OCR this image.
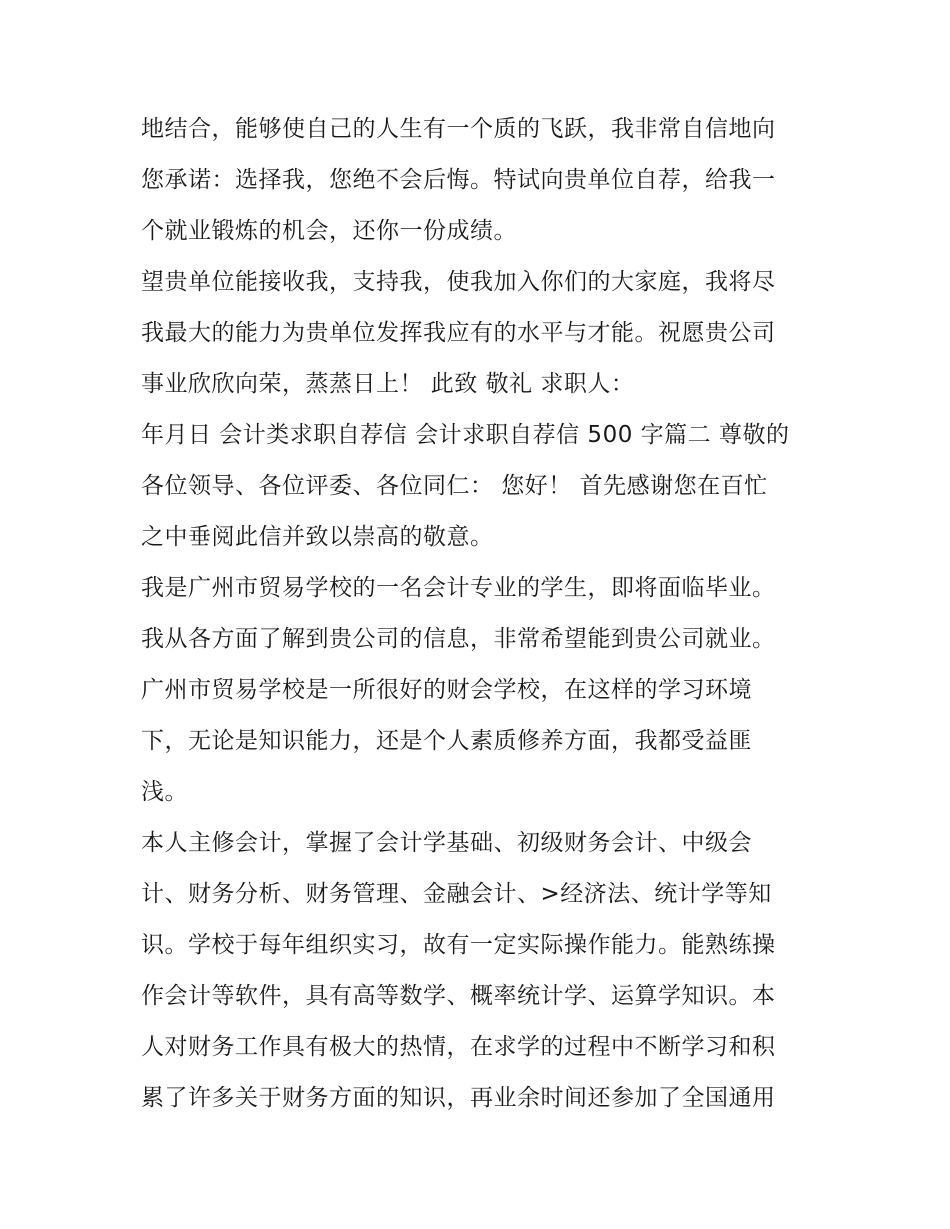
地结合，能够使自己的人生有一个质的飞跃，我非常自信地向
您承诺：选择我，您绝不会后悔。特试向贵单位自荐，给我一
个就业锻炼的机会，还你一份成绩。
望贵单位能接收我，支持我，使我加入你们的大家庭，我将尽
我最大的能力为贵单位发挥我应有的水平与才能。祝愿贵公司
事业欣欣向荣，蒸蒸日上！ 此致 敬礼 求职人：
年月日 会计类求职自荐信 会计求职自荐信 500 字篇二 尊敬的
各位领导、各位评委、各位同仁： 您好！ 首先感谢您在百忙
之中垂阅此信并致以崇高的敬意。
我是广州市贸易学校的一名会计专业的学生，即将面临毕业。
我从各方面了解到贵公司的信息，非常希望能到贵公司就业。
广州市贸易学校是一所很好的财会学校，在这样的学习环境
下，无论是知识能力，还是个人素质修养方面，我都受益匪
浅。
本人主修会计，掌握了会计学基础、初级财务会计、中级会
计、财务分析、财务管理、金融会计、>经济法、统计学等知
识。学校于每年组织实习，故有一定实际操作能力。能熟练操
作会计等软件，具有高等数学、概率统计学、运算学知识。本
人对财务工作具有极大的热情，在求学的过程中不断学习和积
累了许多关于财务方面的知识，再业余时间还参加了全国通用
